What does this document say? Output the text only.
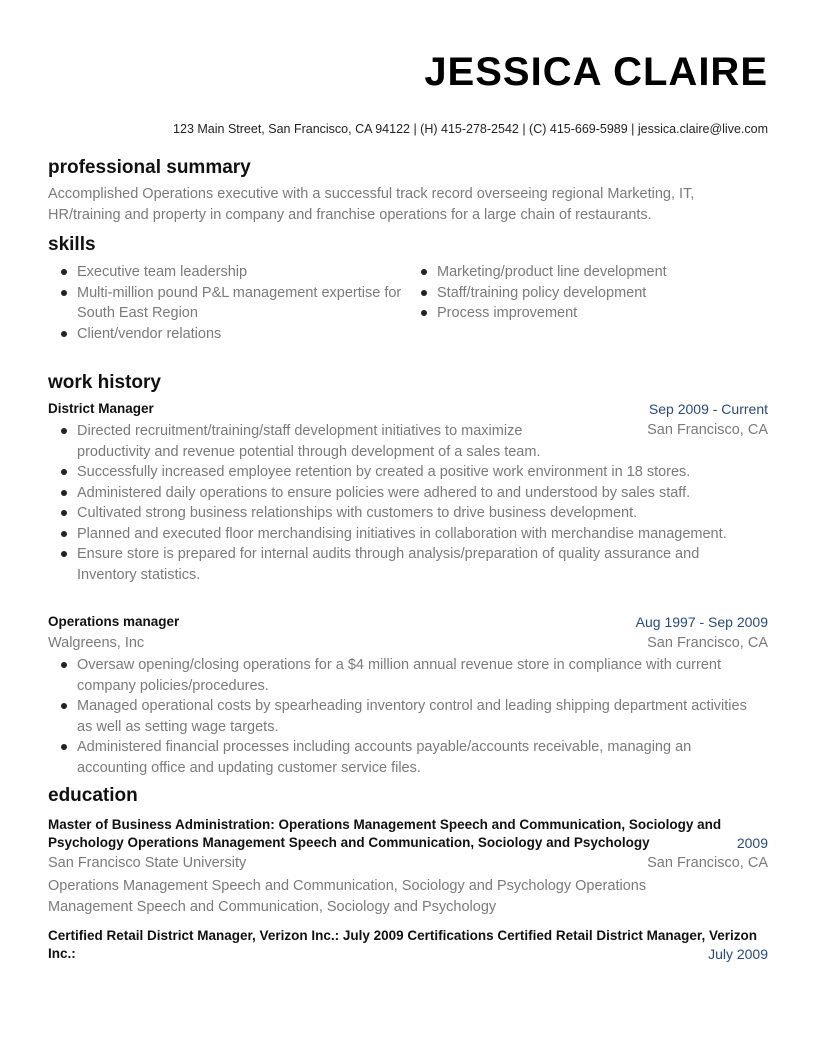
JESSICA CLAIRE
123 Main Street, San Francisco, CA 94122 | (H) 415-278-2542 | (C) 415-669-5989 | jessica.claire@live.com
professional summary
Accomplished Operations executive with a successful track record overseeing regional Marketing, IT, HR/training and property in company and franchise operations for a large chain of restaurants.
skills
Executive team leadership
Multi-million pound P&L management expertise for South East Region
Client/vendor relations
Marketing/product line development
Staff/training policy development
Process improvement
work history
District Manager	Sep 2009 - Current
San Francisco, CA
Directed recruitment/training/staff development initiatives to maximize productivity and revenue potential through development of a sales team.
Successfully increased employee retention by created a positive work environment in 18 stores.
Administered daily operations to ensure policies were adhered to and understood by sales staff.
Cultivated strong business relationships with customers to drive business development.
Planned and executed floor merchandising initiatives in collaboration with merchandise management.
Ensure store is prepared for internal audits through analysis/preparation of quality assurance and Inventory statistics.
Operations manager	Aug 1997 - Sep 2009
Walgreens, Inc	San Francisco, CA
Oversaw opening/closing operations for a $4 million annual revenue store in compliance with current company policies/procedures.
Managed operational costs by spearheading inventory control and leading shipping department activities as well as setting wage targets.
Administered financial processes including accounts payable/accounts receivable, managing an accounting office and updating customer service files.
education
Master of Business Administration: Operations Management Speech and Communication, Sociology and
Psychology Operations Management Speech and Communication, Sociology and Psychology	2009
San Francisco State University	San Francisco, CA
Operations Management Speech and Communication, Sociology and Psychology Operations Management Speech and Communication, Sociology and Psychology
Certified Retail District Manager, Verizon Inc.: July 2009 Certifications Certified Retail District Manager, Verizon
Inc.:	July 2009
